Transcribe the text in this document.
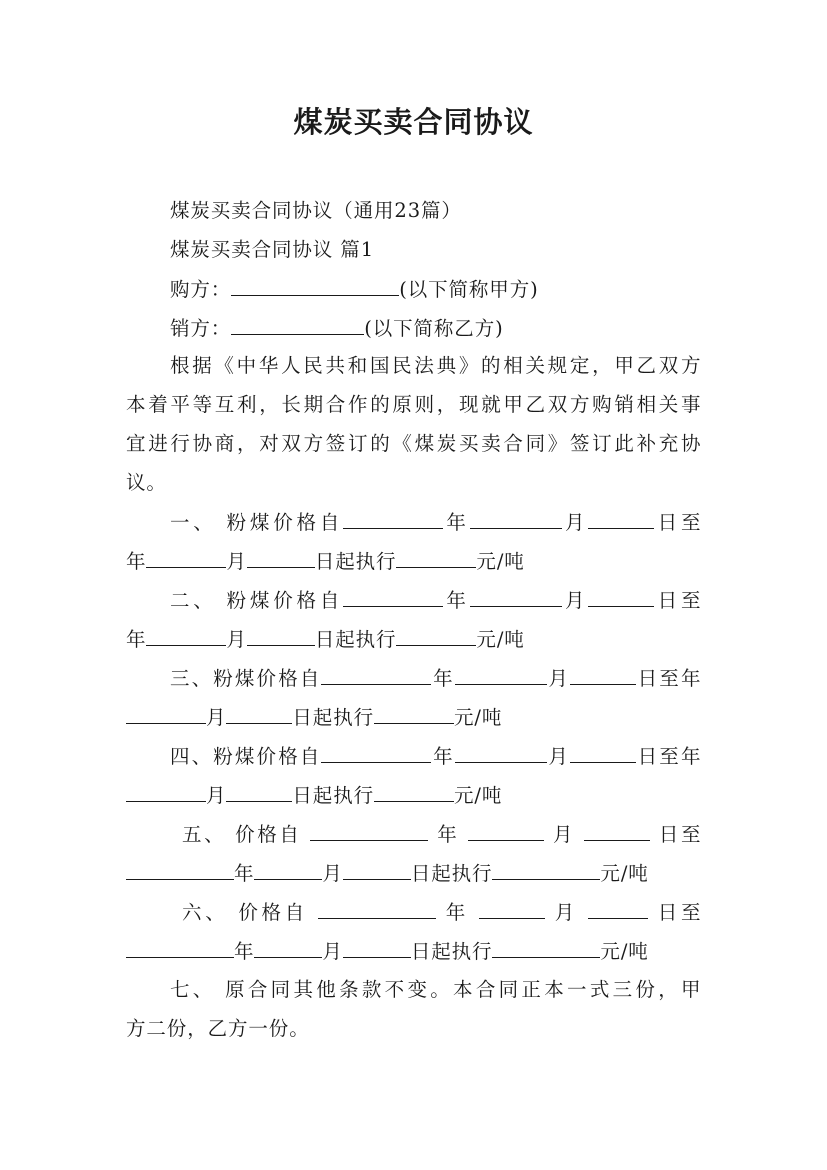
煤炭买卖合同协议
煤炭买卖合同协议（通用23篇）
煤炭买卖合同协议 篇1
购方：	(以下简称甲方)
销方：	(以下简称乙方)
根据《中华人民共和国民法典》的相关规定，甲乙双方
本着平等互利，长期合作的原则，现就甲乙双方购销相关事
宜进行协商，对双方签订的《煤炭买卖合同》签订此补充协
议。
一、 粉煤价格自	年	月	日至
年	月	日起执行	元/吨
二、 粉煤价格自	年	月	日至
年	月	日起执行	元/吨
三、粉煤价格自	年	月	日至年
月	日起执行	元/吨
四、粉煤价格自	年	月	日至年
月	日起执行	元/吨
五、 价格自	年	月	日至
年	月	日起执行	元/吨
六、 价格自	年	月	日至
年	月	日起执行	元/吨
七、 原合同其他条款不变。本合同正本一式三份，甲
方二份，乙方一份。
